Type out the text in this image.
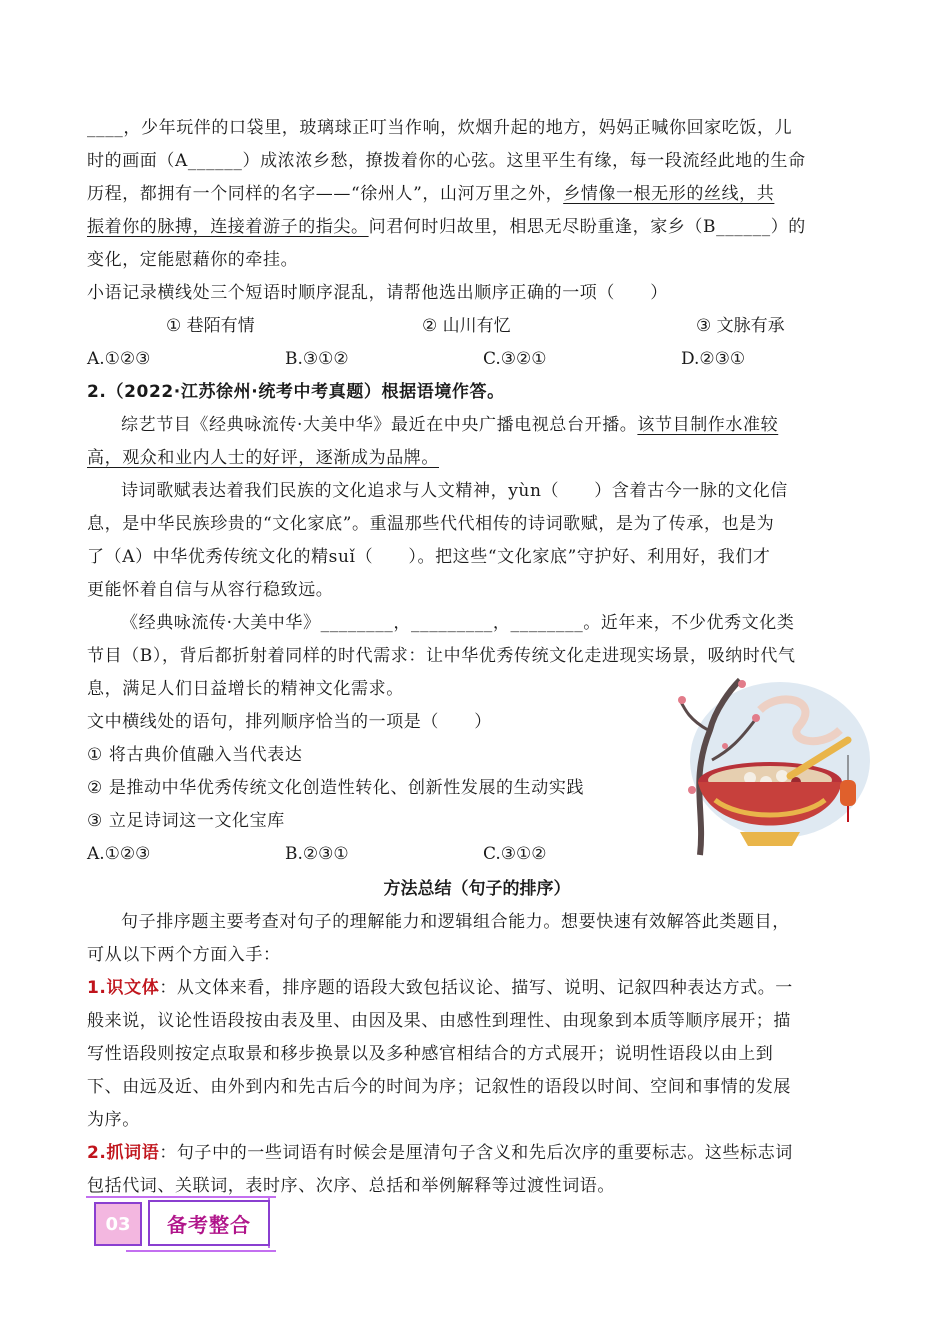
____，少年玩伴的口袋里，玻璃球正叮当作响，炊烟升起的地方，妈妈正喊你回家吃饭，儿

时的画面（A______）成浓浓乡愁，撩拨着你的心弦。这里平生有缘，每一段流经此地的生命

历程，都拥有一个同样的名字——“徐州人”，山河万里之外，乡情像一根无形的丝线，共

振着你的脉搏，连接着游子的指尖。问君何时归故里，相思无尽盼重逢，家乡（B______）的

变化，定能慰藉你的牵挂。

小语记录横线处三个短语时顺序混乱，请帮他选出顺序正确的一项（　　）

① 巷陌有情	② 山川有忆	③ 文脉有承
A.①②③	B.③①②	C.③②①	D.②③①

2.（2022·江苏徐州·统考中考真题）根据语境作答。

综艺节目《经典咏流传·大美中华》最近在中央广播电视总台开播。该节目制作水准较

高，观众和业内人士的好评，逐渐成为品牌。

诗词歌赋表达着我们民族的文化追求与人文精神，yùn（　　）含着古今一脉的文化信

息，是中华民族珍贵的“文化家底”。重温那些代代相传的诗词歌赋，是为了传承，也是为

了（A）中华优秀传统文化的精suǐ（　　）。把这些“文化家底”守护好、利用好，我们才

更能怀着自信与从容行稳致远。

《经典咏流传·大美中华》________，_________，________。近年来，不少优秀文化类

节目（B），背后都折射着同样的时代需求：让中华优秀传统文化走进现实场景，吸纳时代气

息，满足人们日益增长的精神文化需求。

文中横线处的语句，排列顺序恰当的一项是（　　）

① 将古典价值融入当代表达

② 是推动中华优秀传统文化创造性转化、创新性发展的生动实践

③ 立足诗词这一文化宝库

A.①②③	B.②③①	C.③①②

方法总结（句子的排序）

句子排序题主要考查对句子的理解能力和逻辑组合能力。想要快速有效解答此类题目，

可从以下两个方面入手：

1.识文体：从文体来看，排序题的语段大致包括议论、描写、说明、记叙四种表达方式。一

般来说，议论性语段按由表及里、由因及果、由感性到理性、由现象到本质等顺序展开；描

写性语段则按定点取景和移步换景以及多种感官相结合的方式展开；说明性语段以由上到

下、由远及近、由外到内和先古后今的时间为序；记叙性的语段以时间、空间和事情的发展

为序。

2.抓词语：句子中的一些词语有时候会是厘清句子含义和先后次序的重要标志。这些标志词

包括代词、关联词，表时序、次序、总括和举例解释等过渡性词语。

03	备考整合
